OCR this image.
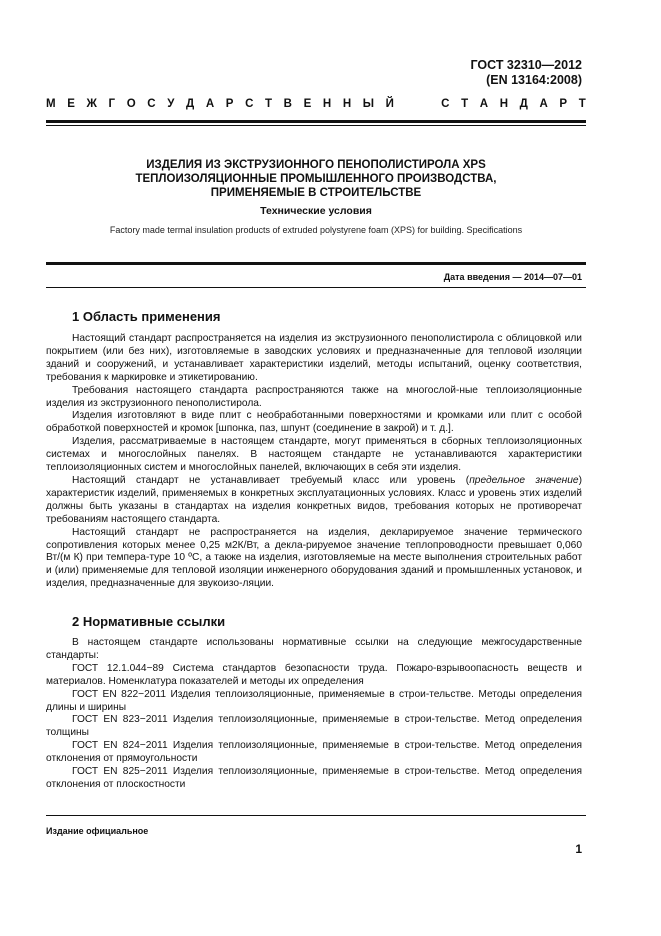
ГОСТ 32310—2012
(EN 13164:2008)
М Е Ж Г О С У Д А Р С Т В Е Н Н Ы Й	С Т А Н Д А Р Т
ИЗДЕЛИЯ ИЗ ЭКСТРУЗИОННОГО ПЕНОПОЛИСТИРОЛА XPS
ТЕПЛОИЗОЛЯЦИОННЫЕ ПРОМЫШЛЕННОГО ПРОИЗВОДСТВА,
ПРИМЕНЯЕМЫЕ В СТРОИТЕЛЬСТВЕ
Технические условия
Factory made termal insulation products of extruded polystyrene foam (XPS) for building. Specifications
Дата введения — 2014—07—01
1 Область применения

Настоящий стандарт распространяется на изделия из экструзионного пенополистирола с облицовкой или покрытием (или без них), изготовляемые в заводских условиях и предназначенные для тепловой изоляции зданий и сооружений, и устанавливает характеристики изделий, методы испытаний, оценку соответствия, требования к маркировке и этикетированию.

Требования настоящего стандарта распространяются также на многослой-ные теплоизоляционные изделия из экструзионного пенополистирола.

Изделия изготовляют в виде плит с необработанными поверхностями и кромками или плит с особой обработкой поверхностей и кромок [шпонка, паз, шпунт (соединение в закрой) и т. д.].

Изделия, рассматриваемые в настоящем стандарте, могут применяться в сборных теплоизоляционных системах и многослойных панелях. В настоящем стандарте не устанавливаются характеристики теплоизоляционных систем и многослойных панелей, включающих в себя эти изделия.

Настоящий стандарт не устанавливает требуемый класс или уровень (предельное значение) характеристик изделий, применяемых в конкретных эксплуатационных условиях. Класс и уровень этих изделий должны быть указаны в стандартах на изделия конкретных видов, требования которых не противоречат требованиям настоящего стандарта.

Настоящий стандарт не распространяется на изделия, декларируемое значение термического сопротивления которых менее 0,25 м2К/Вт, а декла-рируемое значение теплопроводности превышает 0,060 Вт/(м К) при темпера-туре 10 ºС, а также на изделия, изготовляемые на месте выполнения строительных работ и (или) применяемые для тепловой изоляции инженерного оборудования зданий и промышленных установок, и изделия, предназначенные для звукоизо-ляции.

2 Нормативные ссылки

В настоящем стандарте использованы нормативные ссылки на следующие межгосударственные стандарты:

ГОСТ 12.1.044−89 Система стандартов безопасности труда. Пожаро-взрывоопасность веществ и материалов. Номенклатура показателей и методы их определения

ГОСТ EN 822−2011 Изделия теплоизоляционные, применяемые в строи-тельстве. Методы определения длины и ширины

ГОСТ EN 823−2011 Изделия теплоизоляционные, применяемые в строи-тельстве. Метод определения толщины

ГОСТ EN 824−2011 Изделия теплоизоляционные, применяемые в строи-тельстве. Метод определения отклонения от прямоугольности

ГОСТ EN 825−2011 Изделия теплоизоляционные, применяемые в строи-тельстве. Метод определения отклонения от плоскостности

Издание официальное
1
